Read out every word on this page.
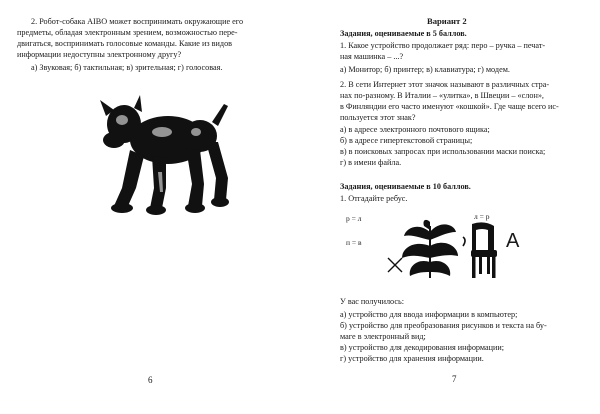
2. Робот-собака AIBO может воспринимать окружающие его

предметы, обладая электронным зрением, возможностью пере-

двигаться, воспринимать голосовые команды. Какие из видов

информации недоступны электронному другу?

а) Звуковая; б) тактильная; в) зрительная; г) голосовая.

6

Вариант 2

Задания, оцениваемые в 5 баллов.

1. Какое устройство продолжает ряд: перо – ручка – печат-

ная машинка – ...?

а) Монитор; б) принтер; в) клавиатура; г) модем.

2. В сети Интернет этот значок называют в различных стра-

нах по-разному. В Италии – «улитка», в Швеции – «слон»,

в Финляндии его часто именуют «кошкой». Где чаще всего ис-

пользуется этот знак?

а) в адресе электронного почтового ящика;

б) в адресе гипертекстовой страницы;

в) в поисковых запросах при использовании маски поиска;

г) в имени файла.

Задания, оцениваемые в 10 баллов.

1. Отгадайте ребус.

р = л

п = в

л = р

А

У вас получилось:

а) устройство для ввода информации в компьютер;

б) устройство для преобразования рисунков и текста на бу-

маге в электронный вид;

в) устройство для декодирования информации;

г) устройство для хранения информации.

7
